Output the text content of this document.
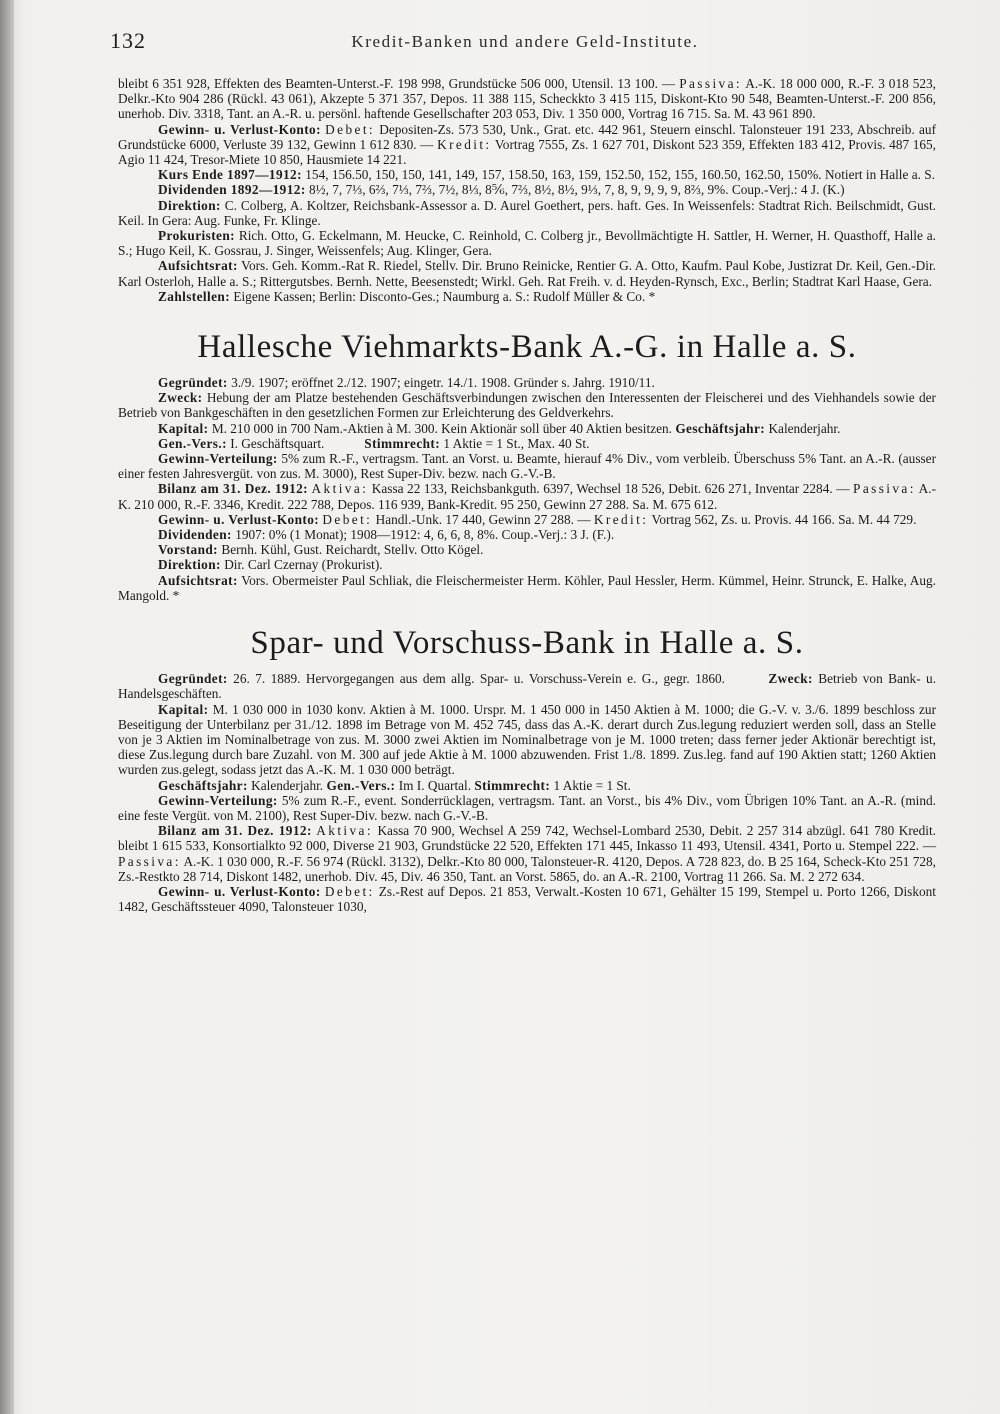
132	Kredit-Banken und andere Geld-Institute.

bleibt 6 351 928, Effekten des Beamten-Unterst.-F. 198 998, Grundstücke 506 000, Utensil. 13 100. — Passiva: A.-K. 18 000 000, R.-F. 3 018 523, Delkr.-Kto 904 286 (Rückl. 43 061), Akzepte 5 371 357, Depos. 11 388 115, Scheckkto 3 415 115, Diskont-Kto 90 548, Beamten-Unterst.-F. 200 856, unerhob. Div. 3318, Tant. an A.-R. u. persönl. haftende Gesellschafter 203 053, Div. 1 350 000, Vortrag 16 715. Sa. M. 43 961 890.

Gewinn- u. Verlust-Konto: Debet: Depositen-Zs. 573 530, Unk., Grat. etc. 442 961, Steuern einschl. Talonsteuer 191 233, Abschreib. auf Grundstücke 6000, Verluste 39 132, Gewinn 1 612 830. — Kredit: Vortrag 7555, Zs. 1 627 701, Diskont 523 359, Effekten 183 412, Provis. 487 165, Agio 11 424, Tresor-Miete 10 850, Hausmiete 14 221.

Kurs Ende 1897—1912: 154, 156.50, 150, 150, 141, 149, 157, 158.50, 163, 159, 152.50, 152, 155, 160.50, 162.50, 150%. Notiert in Halle a. S.

Dividenden 1892—1912: 8½, 7, 7⅓, 6⅔, 7⅓, 7⅔, 7½, 8⅓, 8⅚, 7⅔, 8½, 8½, 9⅓, 7, 8, 9, 9, 9, 9, 8⅔, 9%. Coup.-Verj.: 4 J. (K.)

Direktion: C. Colberg, A. Koltzer, Reichsbank-Assessor a. D. Aurel Goethert, pers. haft. Ges. In Weissenfels: Stadtrat Rich. Beilschmidt, Gust. Keil. In Gera: Aug. Funke, Fr. Klinge.

Prokuristen: Rich. Otto, G. Eckelmann, M. Heucke, C. Reinhold, C. Colberg jr., Bevollmächtigte H. Sattler, H. Werner, H. Quasthoff, Halle a. S.; Hugo Keil, K. Gossrau, J. Singer, Weissenfels; Aug. Klinger, Gera.

Aufsichtsrat: Vors. Geh. Komm.-Rat R. Riedel, Stellv. Dir. Bruno Reinicke, Rentier G. A. Otto, Kaufm. Paul Kobe, Justizrat Dr. Keil, Gen.-Dir. Karl Osterloh, Halle a. S.; Rittergutsbes. Bernh. Nette, Beesenstedt; Wirkl. Geh. Rat Freih. v. d. Heyden-Rynsch, Exc., Berlin; Stadtrat Karl Haase, Gera.

Zahlstellen: Eigene Kassen; Berlin: Disconto-Ges.; Naumburg a. S.: Rudolf Müller & Co. *

Hallesche Viehmarkts-Bank A.-G. in Halle a. S.

Gegründet: 3./9. 1907; eröffnet 2./12. 1907; eingetr. 14./1. 1908. Gründer s. Jahrg. 1910/11.

Zweck: Hebung der am Platze bestehenden Geschäftsverbindungen zwischen den Interessenten der Fleischerei und des Viehhandels sowie der Betrieb von Bankgeschäften in den gesetzlichen Formen zur Erleichterung des Geldverkehrs.

Kapital: M. 210 000 in 700 Nam.-Aktien à M. 300. Kein Aktionär soll über 40 Aktien besitzen. Geschäftsjahr: Kalenderjahr.

Gen.-Vers.: I. Geschäftsquart.	Stimmrecht: 1 Aktie = 1 St., Max. 40 St.

Gewinn-Verteilung: 5% zum R.-F., vertragsm. Tant. an Vorst. u. Beamte, hierauf 4% Div., vom verbleib. Überschuss 5% Tant. an A.-R. (ausser einer festen Jahresvergüt. von zus. M. 3000), Rest Super-Div. bezw. nach G.-V.-B.

Bilanz am 31. Dez. 1912: Aktiva: Kassa 22 133, Reichsbankguth. 6397, Wechsel 18 526, Debit. 626 271, Inventar 2284. — Passiva: A.-K. 210 000, R.-F. 3346, Kredit. 222 788, Depos. 116 939, Bank-Kredit. 95 250, Gewinn 27 288. Sa. M. 675 612.

Gewinn- u. Verlust-Konto: Debet: Handl.-Unk. 17 440, Gewinn 27 288. — Kredit: Vortrag 562, Zs. u. Provis. 44 166. Sa. M. 44 729.

Dividenden: 1907: 0% (1 Monat); 1908—1912: 4, 6, 6, 8, 8%. Coup.-Verj.: 3 J. (F.).

Vorstand: Bernh. Kühl, Gust. Reichardt, Stellv. Otto Kögel.

Direktion: Dir. Carl Czernay (Prokurist).

Aufsichtsrat: Vors. Obermeister Paul Schliak, die Fleischermeister Herm. Köhler, Paul Hessler, Herm. Kümmel, Heinr. Strunck, E. Halke, Aug. Mangold. *

Spar- und Vorschuss-Bank in Halle a. S.

Gegründet: 26. 7. 1889. Hervorgegangen aus dem allg. Spar- u. Vorschuss-Verein e. G., gegr. 1860.	Zweck: Betrieb von Bank- u. Handelsgeschäften.

Kapital: M. 1 030 000 in 1030 konv. Aktien à M. 1000. Urspr. M. 1 450 000 in 1450 Aktien à M. 1000; die G.-V. v. 3./6. 1899 beschloss zur Beseitigung der Unterbilanz per 31./12. 1898 im Betrage von M. 452 745, dass das A.-K. derart durch Zus.legung reduziert werden soll, dass an Stelle von je 3 Aktien im Nominalbetrage von zus. M. 3000 zwei Aktien im Nominalbetrage von je M. 1000 treten; dass ferner jeder Aktionär berechtigt ist, diese Zus.legung durch bare Zuzahl. von M. 300 auf jede Aktie à M. 1000 abzuwenden. Frist 1./8. 1899. Zus.leg. fand auf 190 Aktien statt; 1260 Aktien wurden zus.gelegt, sodass jetzt das A.-K. M. 1 030 000 beträgt.

Geschäftsjahr: Kalenderjahr. Gen.-Vers.: Im I. Quartal. Stimmrecht: 1 Aktie = 1 St.

Gewinn-Verteilung: 5% zum R.-F., event. Sonderrücklagen, vertragsm. Tant. an Vorst., bis 4% Div., vom Übrigen 10% Tant. an A.-R. (mind. eine feste Vergüt. von M. 2100), Rest Super-Div. bezw. nach G.-V.-B.

Bilanz am 31. Dez. 1912: Aktiva: Kassa 70 900, Wechsel A 259 742, Wechsel-Lombard 2530, Debit. 2 257 314 abzügl. 641 780 Kredit. bleibt 1 615 533, Konsortialkto 92 000, Diverse 21 903, Grundstücke 22 520, Effekten 171 445, Inkasso 11 493, Utensil. 4341, Porto u. Stempel 222. — Passiva: A.-K. 1 030 000, R.-F. 56 974 (Rückl. 3132), Delkr.-Kto 80 000, Talonsteuer-R. 4120, Depos. A 728 823, do. B 25 164, Scheck-Kto 251 728, Zs.-Restkto 28 714, Diskont 1482, unerhob. Div. 45, Div. 46 350, Tant. an Vorst. 5865, do. an A.-R. 2100, Vortrag 11 266. Sa. M. 2 272 634.

Gewinn- u. Verlust-Konto: Debet: Zs.-Rest auf Depos. 21 853, Verwalt.-Kosten 10 671, Gehälter 15 199, Stempel u. Porto 1266, Diskont 1482, Geschäftssteuer 4090, Talonsteuer 1030,
